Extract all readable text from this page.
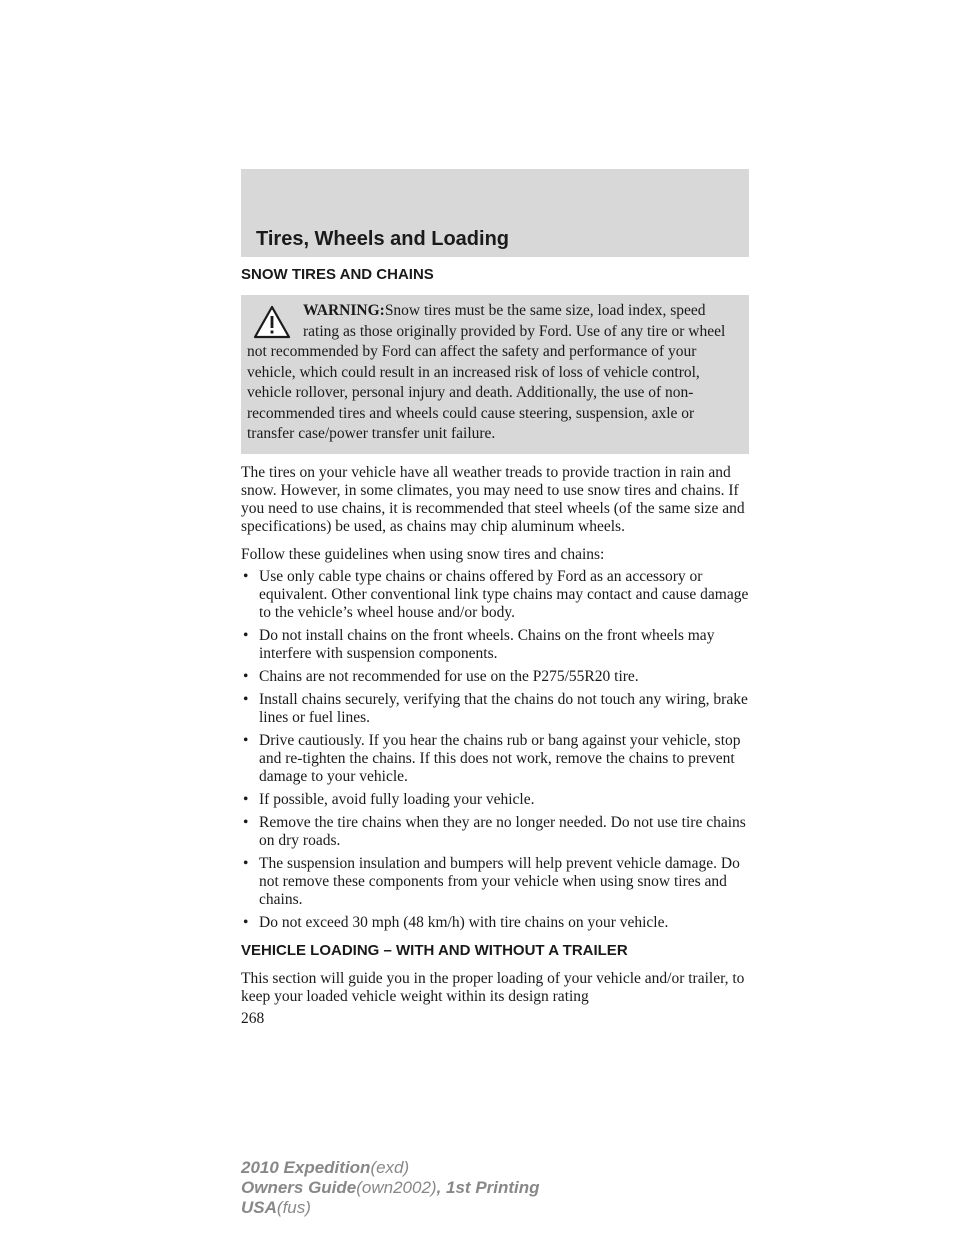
Tires, Wheels and Loading
SNOW TIRES AND CHAINS
WARNING:Snow tires must be the same size, load index, speed rating as those originally provided by Ford. Use of any tire or wheel not recommended by Ford can affect the safety and performance of your vehicle, which could result in an increased risk of loss of vehicle control, vehicle rollover, personal injury and death. Additionally, the use of non-recommended tires and wheels could cause steering, suspension, axle or transfer case/power transfer unit failure.

The tires on your vehicle have all weather treads to provide traction in rain and snow. However, in some climates, you may need to use snow tires and chains. If you need to use chains, it is recommended that steel wheels (of the same size and specifications) be used, as chains may chip aluminum wheels.

Follow these guidelines when using snow tires and chains:

• Use only cable type chains or chains offered by Ford as an accessory or equivalent. Other conventional link type chains may contact and cause damage to the vehicle’s wheel house and/or body.
• Do not install chains on the front wheels. Chains on the front wheels may interfere with suspension components.
• Chains are not recommended for use on the P275/55R20 tire.
• Install chains securely, verifying that the chains do not touch any wiring, brake lines or fuel lines.
• Drive cautiously. If you hear the chains rub or bang against your vehicle, stop and re-tighten the chains. If this does not work, remove the chains to prevent damage to your vehicle.
• If possible, avoid fully loading your vehicle.
• Remove the tire chains when they are no longer needed. Do not use tire chains on dry roads.
• The suspension insulation and bumpers will help prevent vehicle damage. Do not remove these components from your vehicle when using snow tires and chains.
• Do not exceed 30 mph (48 km/h) with tire chains on your vehicle.
VEHICLE LOADING – WITH AND WITHOUT A TRAILER

This section will guide you in the proper loading of your vehicle and/or trailer, to keep your loaded vehicle weight within its design rating

268
2010 Expedition(exd)
Owners Guide(own2002), 1st Printing
USA(fus)
